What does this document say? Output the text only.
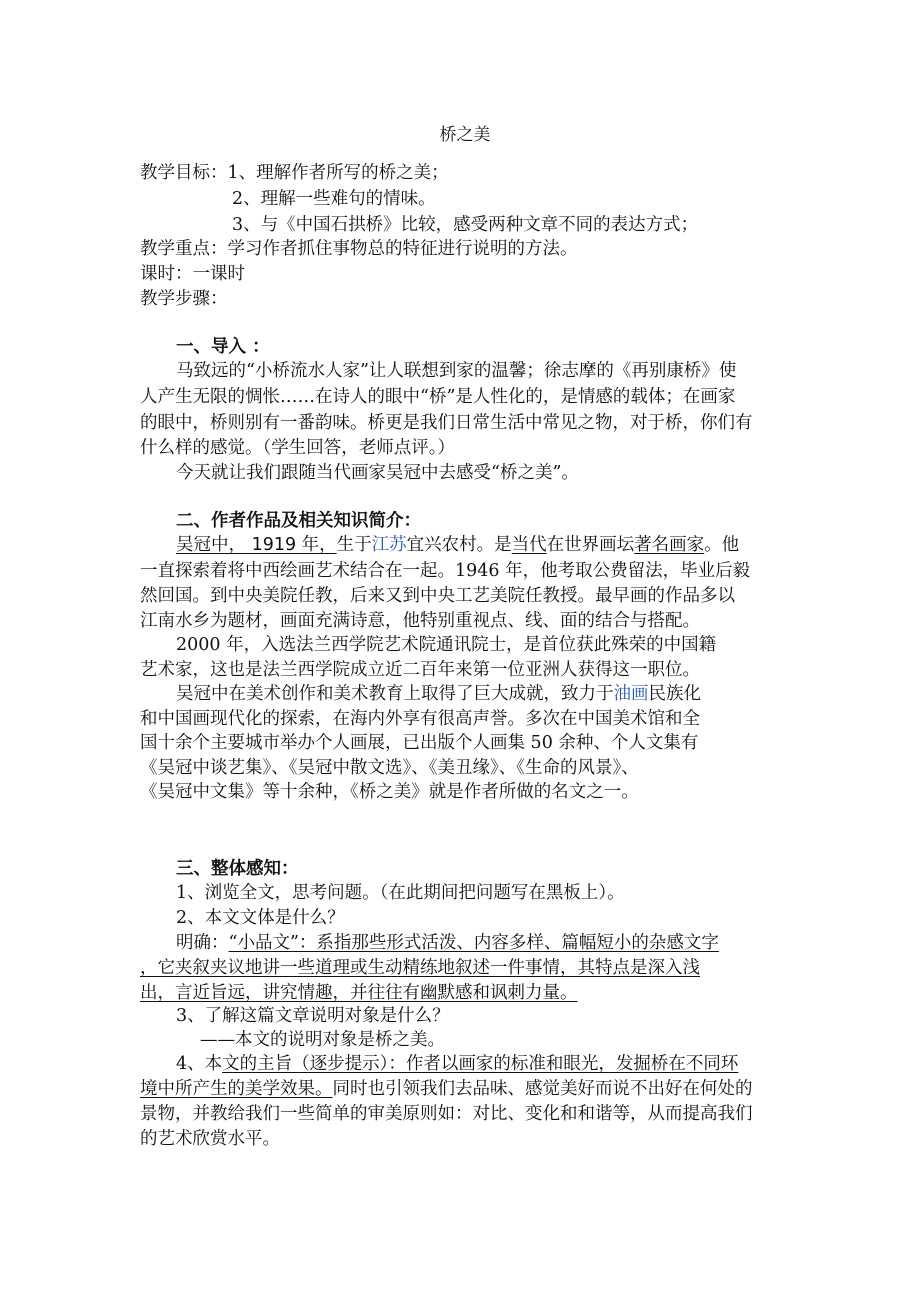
桥之美
教学目标：1、理解作者所写的桥之美；
2、理解一些难句的情味。
3、与《中国石拱桥》比较，感受两种文章不同的表达方式；
教学重点：学习作者抓住事物总的特征进行说明的方法。
课时：一课时
教学步骤：
一、导入 ：
马致远的“小桥流水人家”让人联想到家的温馨；徐志摩的《再别康桥》使
人产生无限的惆怅……在诗人的眼中“桥”是人性化的，是情感的载体；在画家
的眼中，桥则别有一番韵味。桥更是我们日常生活中常见之物，对于桥，你们有
什么样的感觉。（学生回答，老师点评。）
今天就让我们跟随当代画家吴冠中去感受“桥之美”。
二、作者作品及相关知识简介：
吴冠中， 1919 年，生于江苏宜兴农村。是当代在世界画坛著名画家。他
一直探索着将中西绘画艺术结合在一起。1946 年，他考取公费留法，毕业后毅
然回国。到中央美院任教，后来又到中央工艺美院任教授。最早画的作品多以
江南水乡为题材，画面充满诗意，他特别重视点、线、面的结合与搭配。
2000 年，入选法兰西学院艺术院通讯院士，是首位获此殊荣的中国籍
艺术家，这也是法兰西学院成立近二百年来第一位亚洲人获得这一职位。
吴冠中在美术创作和美术教育上取得了巨大成就，致力于油画民族化
和中国画现代化的探索，在海内外享有很高声誉。多次在中国美术馆和全
国十余个主要城市举办个人画展，已出版个人画集 50 余种、个人文集有
《吴冠中谈艺集》、《吴冠中散文选》、《美丑缘》、《生命的风景》、
《吴冠中文集》等十余种，《桥之美》就是作者所做的名文之一。
三、整体感知：
1、浏览全文，思考问题。（在此期间把问题写在黑板上）。
2、本文文体是什么？
明确：“小品文”：系指那些形式活泼、内容多样、篇幅短小的杂感文字
，它夹叙夹议地讲一些道理或生动精练地叙述一件事情，其特点是深入浅
出，言近旨远，讲究情趣，并往往有幽默感和讽刺力量。
3、了解这篇文章说明对象是什么？
——本文的说明对象是桥之美。
4、本文的主旨（逐步提示）：作者以画家的标准和眼光，发掘桥在不同环
境中所产生的美学效果。同时也引领我们去品味、感觉美好而说不出好在何处的
景物，并教给我们一些简单的审美原则如：对比、变化和和谐等，从而提高我们
的艺术欣赏水平。
